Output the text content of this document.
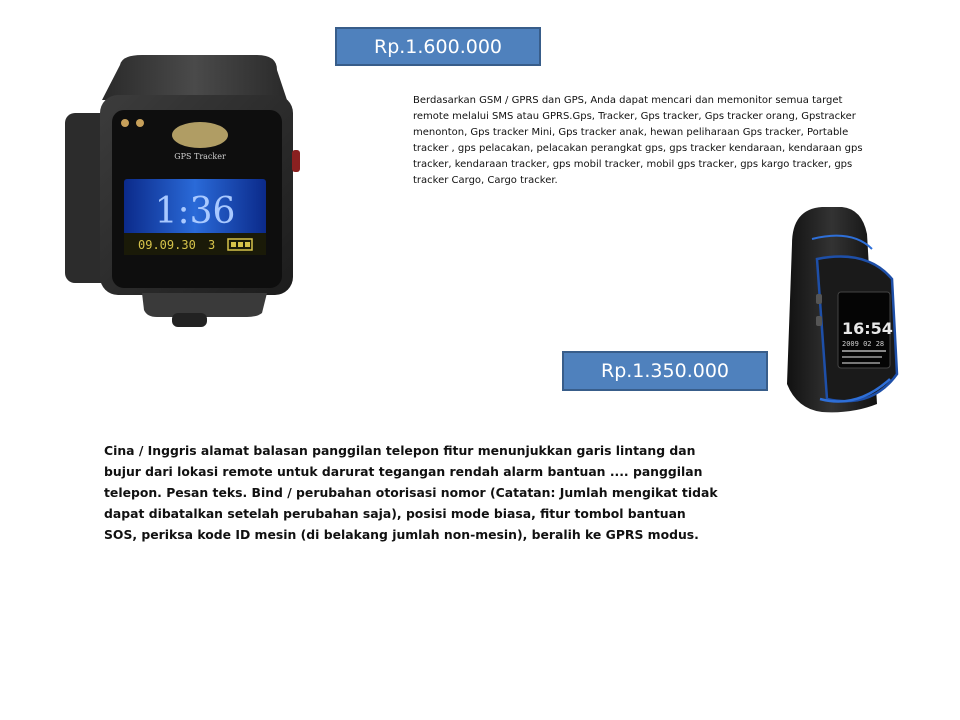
Rp.1.600.000
Rp.1.350.000

Berdasarkan GSM / GPRS dan GPS, Anda dapat mencari dan memonitor semua target remote melalui SMS atau GPRS.Gps, Tracker, Gps tracker, Gps tracker orang, Gpstracker menonton, Gps tracker Mini, Gps tracker anak, hewan peliharaan Gps tracker, Portable tracker , gps pelacakan, pelacakan perangkat gps, gps tracker kendaraan, kendaraan gps tracker, kendaraan tracker, gps mobil tracker, mobil gps tracker, gps kargo tracker, gps tracker Cargo, Cargo tracker.

Cina / Inggris alamat balasan panggilan telepon fitur menunjukkan garis lintang dan bujur dari lokasi remote untuk darurat tegangan rendah alarm bantuan .... panggilan telepon. Pesan teks. Bind / perubahan otorisasi nomor (Catatan: Jumlah mengikat tidak dapat dibatalkan setelah perubahan saja), posisi mode biasa, fitur tombol bantuan SOS, periksa kode ID mesin (di belakang jumlah non-mesin), beralih ke GPRS modus.

GPS Tracker
1:36
09.09.30 3
16:54
2009 02 28
